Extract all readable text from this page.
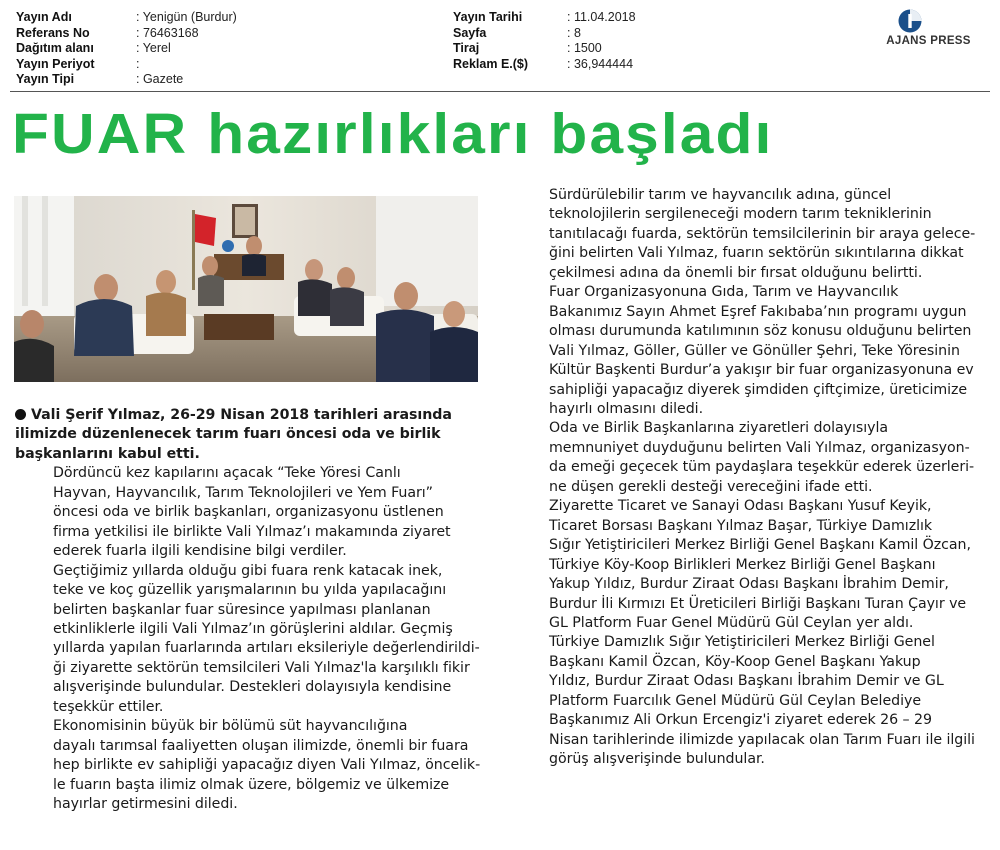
Yayın Adı	: Yenigün (Burdur)
Referans No	: 76463168
Dağıtım alanı	: Yerel
Yayın Periyot	:
Yayın Tipi	: Gazete
Yayın Tarihi	: 11.04.2018
Sayfa	: 8
Tiraj	: 1500
Reklam E.($)	: 36,944444
AJANS PRESS
FUAR hazırlıkları başladı

Vali Şerif Yılmaz, 26-29 Nisan 2018 tarihleri arasında
ilimizde düzenlenecek tarım fuarı öncesi oda ve birlik
başkanlarını kabul etti.

Dördüncü kez kapılarını açacak “Teke Yöresi Canlı
Hayvan, Hayvancılık, Tarım Teknolojileri ve Yem Fuarı”
öncesi oda ve birlik başkanları, organizasyonu üstlenen
firma yetkilisi ile birlikte Vali Yılmaz’ı makamında ziyaret
ederek fuarla ilgili kendisine bilgi verdiler.

Geçtiğimiz yıllarda olduğu gibi fuara renk katacak inek,
teke ve koç güzellik yarışmalarının bu yılda yapılacağını
belirten başkanlar fuar süresince yapılması planlanan
etkinliklerle ilgili Vali Yılmaz’ın görüşlerini aldılar. Geçmiş
yıllarda yapılan fuarlarında artıları eksileriyle değerlendirildi-
ği ziyarette sektörün temsilcileri Vali Yılmaz'la karşılıklı fikir
alışverişinde bulundular. Destekleri dolayısıyla kendisine
teşekkür ettiler.

Ekonomisinin büyük bir bölümü süt hayvancılığına
dayalı tarımsal faaliyetten oluşan ilimizde, önemli bir fuara
hep birlikte ev sahipliği yapacağız diyen Vali Yılmaz, öncelik-
le fuarın başta ilimiz olmak üzere, bölgemiz ve ülkemize
hayırlar getirmesini diledi.

Sürdürülebilir tarım ve hayvancılık adına, güncel
teknolojilerin sergileneceği modern tarım tekniklerinin
tanıtılacağı fuarda, sektörün temsilcilerinin bir araya gelece-
ğini belirten Vali Yılmaz, fuarın sektörün sıkıntılarına dikkat
çekilmesi adına da önemli bir fırsat olduğunu belirtti.

Fuar Organizasyonuna Gıda, Tarım ve Hayvancılık
Bakanımız Sayın Ahmet Eşref Fakıbaba’nın programı uygun
olması durumunda katılımının söz konusu olduğunu belirten
Vali Yılmaz, Göller, Güller ve Gönüller Şehri, Teke Yöresinin
Kültür Başkenti Burdur’a yakışır bir fuar organizasyonuna ev
sahipliği yapacağız diyerek şimdiden çiftçimize, üreticimize
hayırlı olmasını diledi.

Oda ve Birlik Başkanlarına ziyaretleri dolayısıyla
memnuniyet duyduğunu belirten Vali Yılmaz, organizasyon-
da emeği geçecek tüm paydaşlara teşekkür ederek üzerleri-
ne düşen gerekli desteği vereceğini ifade etti.

Ziyarette Ticaret ve Sanayi Odası Başkanı Yusuf Keyik,
Ticaret Borsası Başkanı Yılmaz Başar, Türkiye Damızlık
Sığır Yetiştiricileri Merkez Birliği Genel Başkanı Kamil Özcan,
Türkiye Köy-Koop Birlikleri Merkez Birliği Genel Başkanı
Yakup Yıldız, Burdur Ziraat Odası Başkanı İbrahim Demir,
Burdur İli Kırmızı Et Üreticileri Birliği Başkanı Turan Çayır ve
GL Platform Fuar Genel Müdürü Gül Ceylan yer aldı.

Türkiye Damızlık Sığır Yetiştiricileri Merkez Birliği Genel
Başkanı Kamil Özcan, Köy-Koop Genel Başkanı Yakup
Yıldız, Burdur Ziraat Odası Başkanı İbrahim Demir ve GL
Platform Fuarcılık Genel Müdürü Gül Ceylan Belediye
Başkanımız Ali Orkun Ercengiz'i ziyaret ederek 26 – 29
Nisan tarihlerinde ilimizde yapılacak olan Tarım Fuarı ile ilgili
görüş alışverişinde bulundular.
